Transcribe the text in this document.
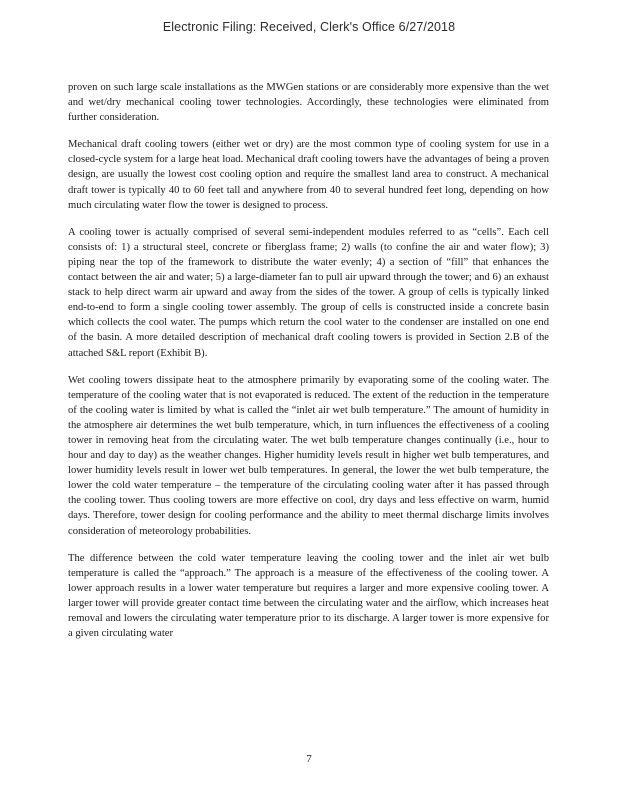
Electronic Filing: Received, Clerk's Office 6/27/2018

proven on such large scale installations as the MWGen stations or are considerably more expensive than the wet and wet/dry mechanical cooling tower technologies. Accordingly, these technologies were eliminated from further consideration.

Mechanical draft cooling towers (either wet or dry) are the most common type of cooling system for use in a closed-cycle system for a large heat load. Mechanical draft cooling towers have the advantages of being a proven design, are usually the lowest cost cooling option and require the smallest land area to construct. A mechanical draft tower is typically 40 to 60 feet tall and anywhere from 40 to several hundred feet long, depending on how much circulating water flow the tower is designed to process.

A cooling tower is actually comprised of several semi-independent modules referred to as “cells”. Each cell consists of: 1) a structural steel, concrete or fiberglass frame; 2) walls (to confine the air and water flow); 3) piping near the top of the framework to distribute the water evenly; 4) a section of “fill” that enhances the contact between the air and water; 5) a large-diameter fan to pull air upward through the tower; and 6) an exhaust stack to help direct warm air upward and away from the sides of the tower. A group of cells is typically linked end-to-end to form a single cooling tower assembly. The group of cells is constructed inside a concrete basin which collects the cool water. The pumps which return the cool water to the condenser are installed on one end of the basin. A more detailed description of mechanical draft cooling towers is provided in Section 2.B of the attached S&L report (Exhibit B).

Wet cooling towers dissipate heat to the atmosphere primarily by evaporating some of the cooling water. The temperature of the cooling water that is not evaporated is reduced. The extent of the reduction in the temperature of the cooling water is limited by what is called the “inlet air wet bulb temperature.” The amount of humidity in the atmosphere air determines the wet bulb temperature, which, in turn influences the effectiveness of a cooling tower in removing heat from the circulating water. The wet bulb temperature changes continually (i.e., hour to hour and day to day) as the weather changes. Higher humidity levels result in higher wet bulb temperatures, and lower humidity levels result in lower wet bulb temperatures. In general, the lower the wet bulb temperature, the lower the cold water temperature – the temperature of the circulating cooling water after it has passed through the cooling tower. Thus cooling towers are more effective on cool, dry days and less effective on warm, humid days. Therefore, tower design for cooling performance and the ability to meet thermal discharge limits involves consideration of meteorology probabilities.

The difference between the cold water temperature leaving the cooling tower and the inlet air wet bulb temperature is called the “approach.” The approach is a measure of the effectiveness of the cooling tower. A lower approach results in a lower water temperature but requires a larger and more expensive cooling tower. A larger tower will provide greater contact time between the circulating water and the airflow, which increases heat removal and lowers the circulating water temperature prior to its discharge. A larger tower is more expensive for a given circulating water

7
